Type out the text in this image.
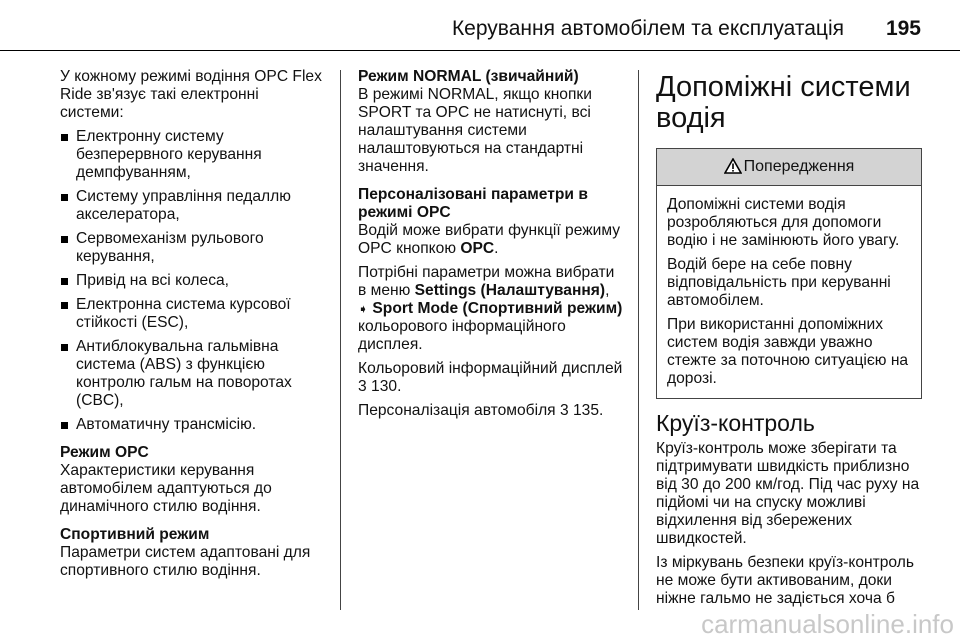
Керування автомобілем та експлуатація 195

У кожному режимі водіння OPC Flex Ride зв'язує такі електронні системи:

Електронну систему безперервного керування демпфуванням,
Систему управління педаллю акселератора,
Сервомеханізм рульового керування,
Привід на всі колеса,
Електронна система курсової стійкості (ESC),
Антиблокувальна гальмівна система (ABS) з функцією контролю гальм на поворотах (CBC),
Автоматичну трансмісію.

Режим OPC

Характеристики керування автомобілем адаптуються до динамічного стилю водіння.

Спортивний режим

Параметри систем адаптовані для спортивного стилю водіння.

Режим NORMAL (звичайний)

В режимі NORMAL, якщо кнопки SPORT та OPC не натиснуті, всі налаштування системи налаштовуються на стандартні значення.

Персоналізовані параметри в режимі OPC

Водій може вибрати функції режиму OPC кнопкою OPC.

Потрібні параметри можна вибрати в меню Settings (Налаштування), ➧ Sport Mode (Спортивний режим) кольорового інформаційного дисплея.

Кольоровий інформаційний дисплей 3 130.

Персоналізація автомобіля 3 135.

Допоміжні системи водія
Попередження

Допоміжні системи водія розробляються для допомоги водію і не замінюють його увагу.

Водій бере на себе повну відповідальність при керуванні автомобілем.

При використанні допоміжних систем водія завжди уважно стежте за поточною ситуацією на дорозі.

Круїз-контроль

Круїз-контроль може зберігати та підтримувати швидкість приблизно від 30 до 200 км/год. Під час руху на підйомі чи на спуску можливі відхилення від збережених швидкостей.

Із міркувань безпеки круїз-контроль не може бути активованим, доки ніжне гальмо не задіється хоча б

carmanualsonline.info
